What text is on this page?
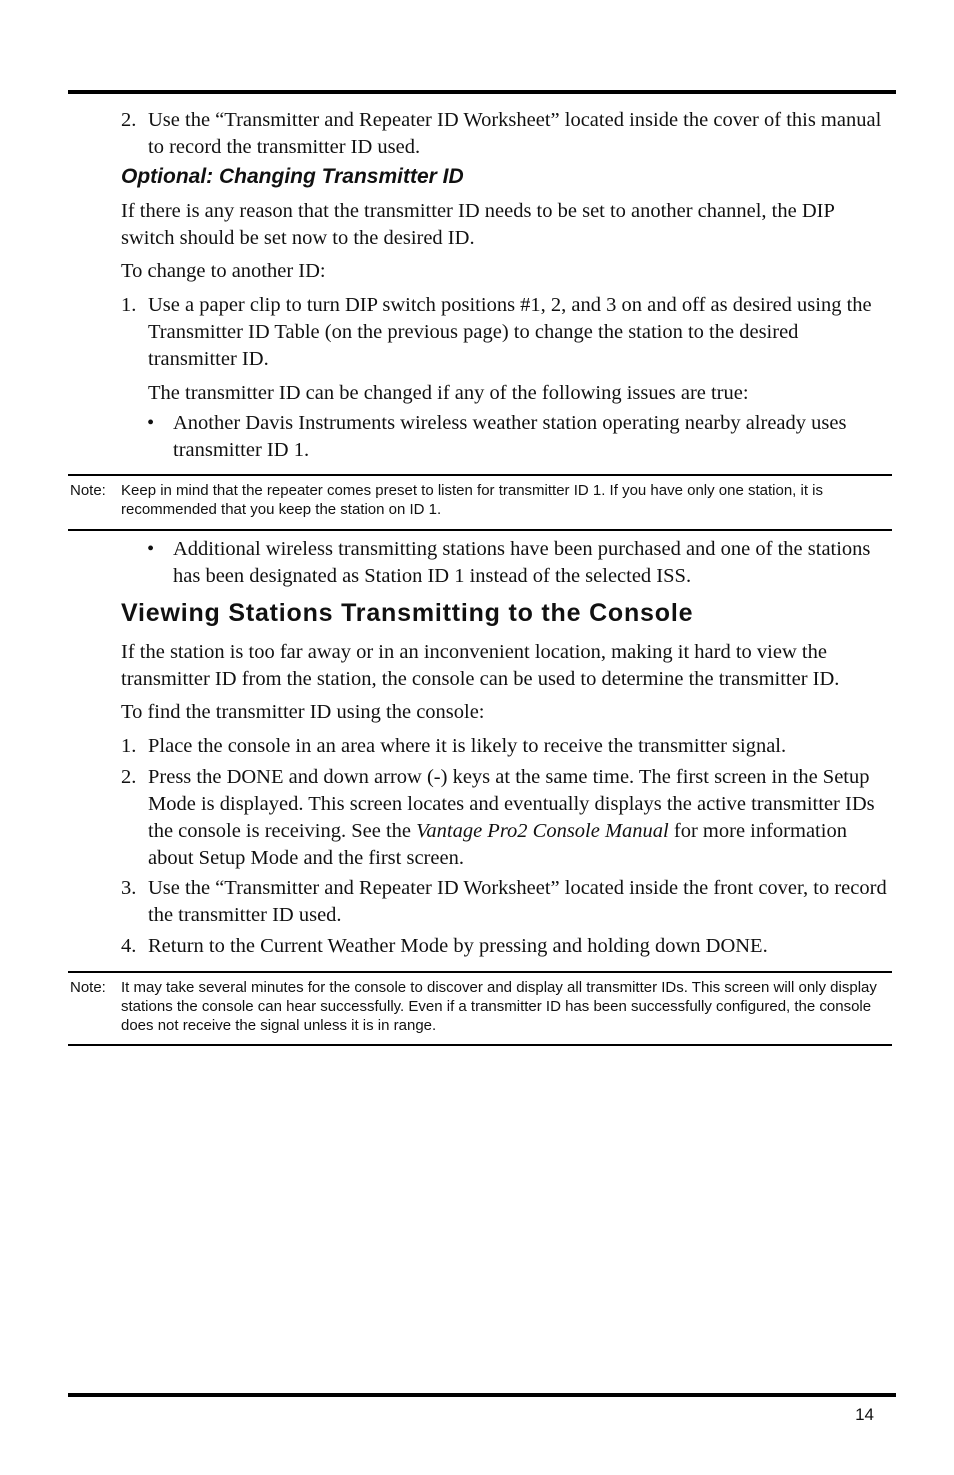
2. Use the “Transmitter and Repeater ID Worksheet” located inside the cover of this manual to record the transmitter ID used.
Optional: Changing Transmitter ID
If there is any reason that the transmitter ID needs to be set to another channel, the DIP switch should be set now to the desired ID.
To change to another ID:
1. Use a paper clip to turn DIP switch positions #1, 2, and 3 on and off as desired using the Transmitter ID Table (on the previous page) to change the station to the desired transmitter ID.
The transmitter ID can be changed if any of the following issues are true:
• Another Davis Instruments wireless weather station operating nearby already uses transmitter ID 1.
Note: Keep in mind that the repeater comes preset to listen for transmitter ID 1. If you have only one station, it is recommended that you keep the station on ID 1.
• Additional wireless transmitting stations have been purchased and one of the stations has been designated as Station ID 1 instead of the selected ISS.
Viewing Stations Transmitting to the Console
If the station is too far away or in an inconvenient location, making it hard to view the transmitter ID from the station, the console can be used to determine the transmitter ID.
To find the transmitter ID using the console:
1. Place the console in an area where it is likely to receive the transmitter signal.
2. Press the DONE and down arrow (-) keys at the same time. The first screen in the Setup Mode is displayed. This screen locates and eventually displays the active transmitter IDs the console is receiving. See the Vantage Pro2 Console Manual for more information about Setup Mode and the first screen.
3. Use the “Transmitter and Repeater ID Worksheet” located inside the front cover, to record the transmitter ID used.
4. Return to the Current Weather Mode by pressing and holding down DONE.
Note: It may take several minutes for the console to discover and display all transmitter IDs. This screen will only display stations the console can hear successfully. Even if a transmitter ID has been successfully configured, the console does not receive the signal unless it is in range.
14
